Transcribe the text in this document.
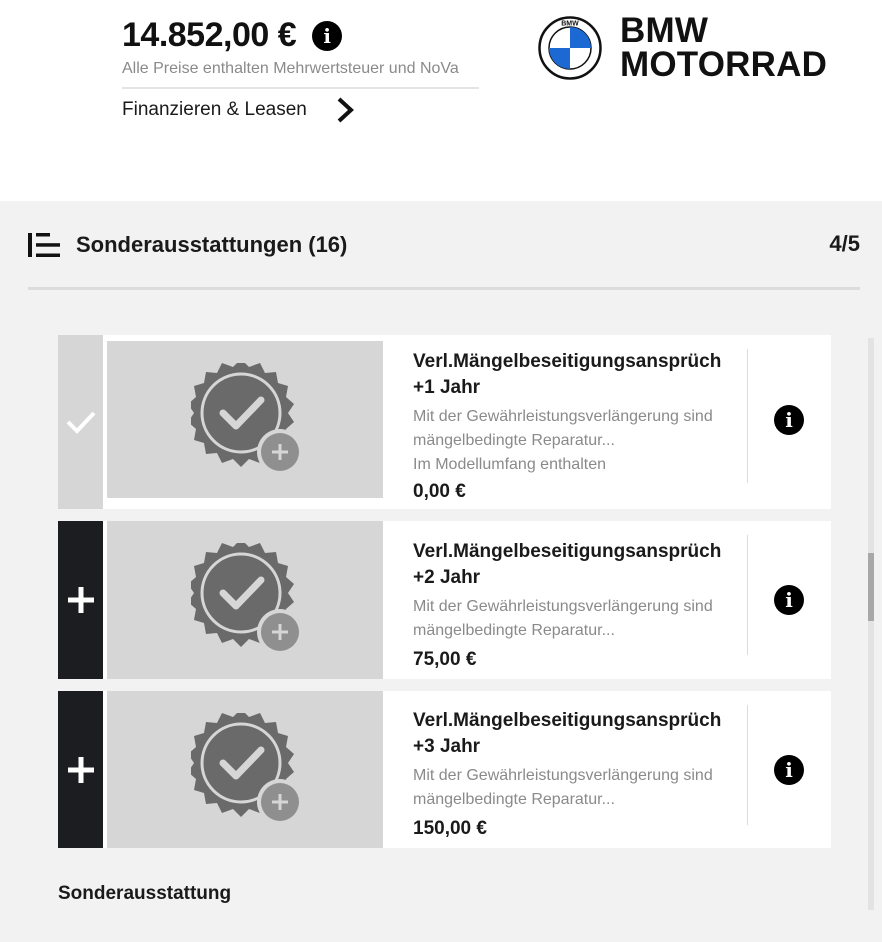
14.852,00 €	i
Alle Preise enthalten Mehrwertsteuer und NoVa
Finanzieren & Leasen
BMW BMW
MOTORRAD
Sonderausstattungen (16)	4/5
Verl.Mängelbeseitigungsansprüch
+1 Jahr
Mit der Gewährleistungsverlängerung sind
mängelbedingte Reparatur...
Im Modellumfang enthalten
0,00 €
i
Verl.Mängelbeseitigungsansprüch
+2 Jahr
Mit der Gewährleistungsverlängerung sind
mängelbedingte Reparatur...
75,00 €
i
Verl.Mängelbeseitigungsansprüch
+3 Jahr
Mit der Gewährleistungsverlängerung sind
mängelbedingte Reparatur...
150,00 €
i
Sonderausstattung
